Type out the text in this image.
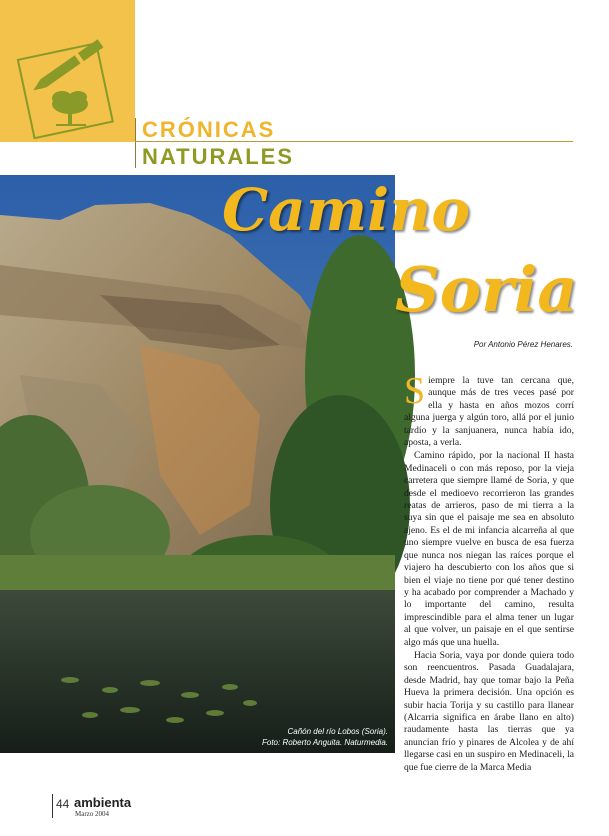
CRÓNICAS
NATURALES
Camino
Soria
Por Antonio Pérez Henares.
Cañón del río Lobos (Soria).
Foto: Roberto Anguita. Naturmedia.

Siempre la tuve tan cercana que, aunque más de tres veces pasé por ella y hasta en años mozos corrí alguna juerga y algún toro, allá por el junio tardío y la sanjuanera, nunca había ido, aposta, a verla.

Camino rápido, por la nacional II hasta Medinaceli o con más reposo, por la vieja carretera que siempre llamé de Soria, y que desde el medioevo recorrieron las grandes reatas de arrieros, paso de mi tierra a la suya sin que el paisaje me sea en absoluto ajeno. Es el de mi infancia alcarreña al que uno siempre vuelve en busca de esa fuerza que nunca nos niegan las raíces porque el viajero ha descubierto con los años que si bien el viaje no tiene por qué tener destino y ha acabado por comprender a Machado y lo importante del camino, resulta imprescindible para el alma tener un lugar al que volver, un paisaje en el que sentirse algo más que una huella.

Hacia Soria, vaya por donde quiera todo son reencuentros. Pasada Guadalajara, desde Madrid, hay que tomar bajo la Peña Hueva la primera decisión. Una opción es subir hacia Torija y su castillo para llanear (Alcarria significa en árabe llano en alto) raudamente hasta las tierras que ya anuncian frío y pinares de Alcolea y de ahí llegarse casi en un suspiro en Medinaceli, la que fue cierre de la Marca Media

44 ambienta
Marzo 2004
